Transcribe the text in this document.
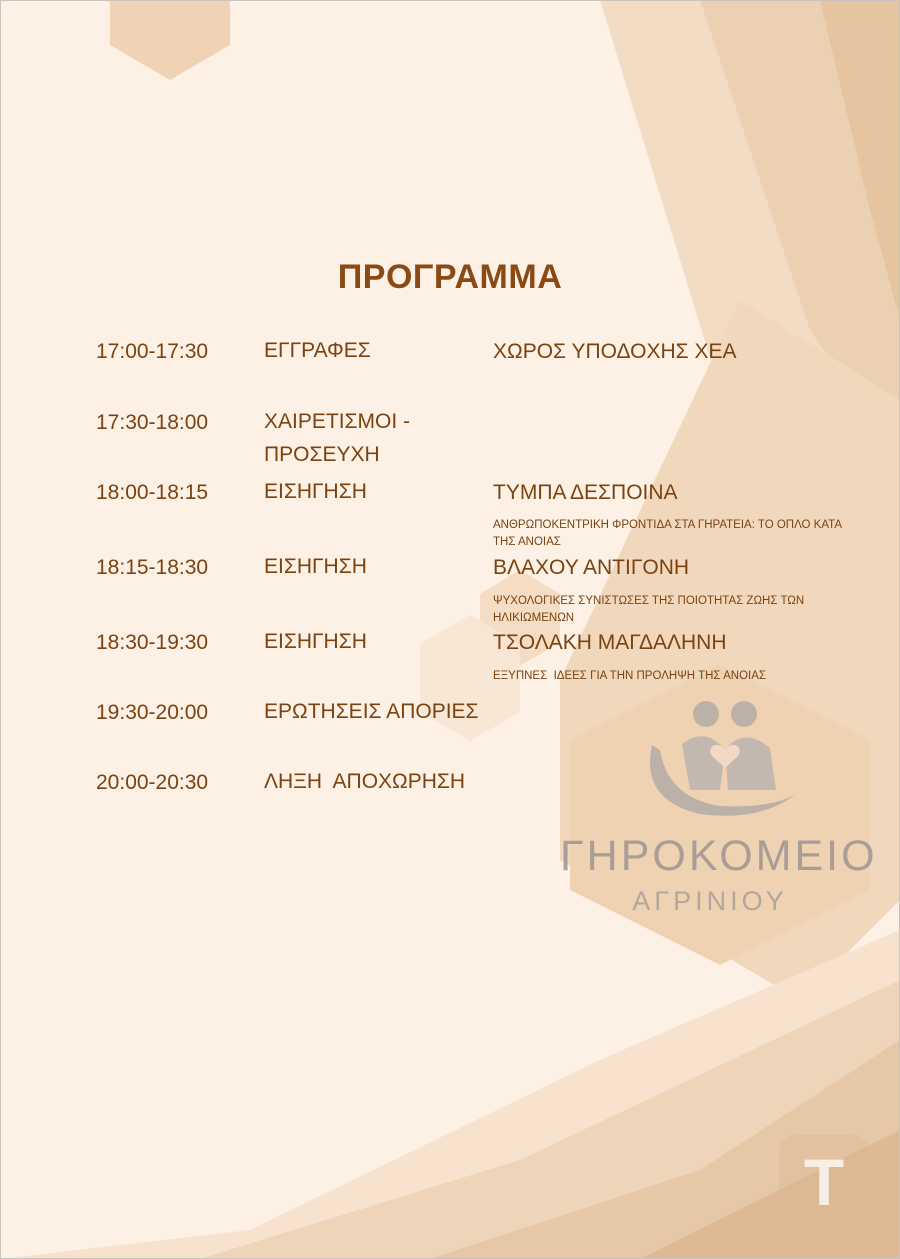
ΠΡΟΓΡΑΜΜΑ
17:00-17:30	ΕΓΓΡΑΦΕΣ	ΧΩΡΟΣ ΥΠΟΔΟΧΗΣ ΧΕΑ
17:30-18:00	ΧΑΙΡΕΤΙΣΜΟΙ - ΠΡΟΣΕΥΧΗ
18:00-18:15	ΕΙΣΗΓΗΣΗ	ΤΥΜΠΑ ΔΕΣΠΟΙΝΑ
ΑΝΘΡΩΠΟΚΕΝΤΡΙΚΗ ΦΡΟΝΤΙΔΑ ΣΤΑ ΓΗΡΑΤΕΙΑ: ΤΟ ΟΠΛΟ ΚΑΤΑ ΤΗΣ ΑΝΟΙΑΣ
18:15-18:30	ΕΙΣΗΓΗΣΗ	ΒΛΑΧΟΥ ΑΝΤΙΓΟΝΗ
ΨΥΧΟΛΟΓΙΚΕΣ ΣΥΝΙΣΤΩΣΕΣ ΤΗΣ ΠΟΙΟΤΗΤΑΣ ΖΩΗΣ ΤΩΝ ΗΛΙΚΙΩΜΕΝΩΝ
18:30-19:30	ΕΙΣΗΓΗΣΗ	ΤΣΟΛΑΚΗ ΜΑΓΔΑΛΗΝΗ
ΕΞΥΠΝΕΣ  ΙΔΕΕΣ ΓΙΑ ΤΗΝ ΠΡΟΛΗΨΗ ΤΗΣ ΑΝΟΙΑΣ
19:30-20:00	ΕΡΩΤΗΣΕΙΣ ΑΠΟΡΙΕΣ
20:00-20:30	ΛΗΞΗ  ΑΠΟΧΩΡΗΣΗ
ΓΗΡΟΚΟΜΕΙΟ
ΑΓΡΙΝΙΟΥ
T
